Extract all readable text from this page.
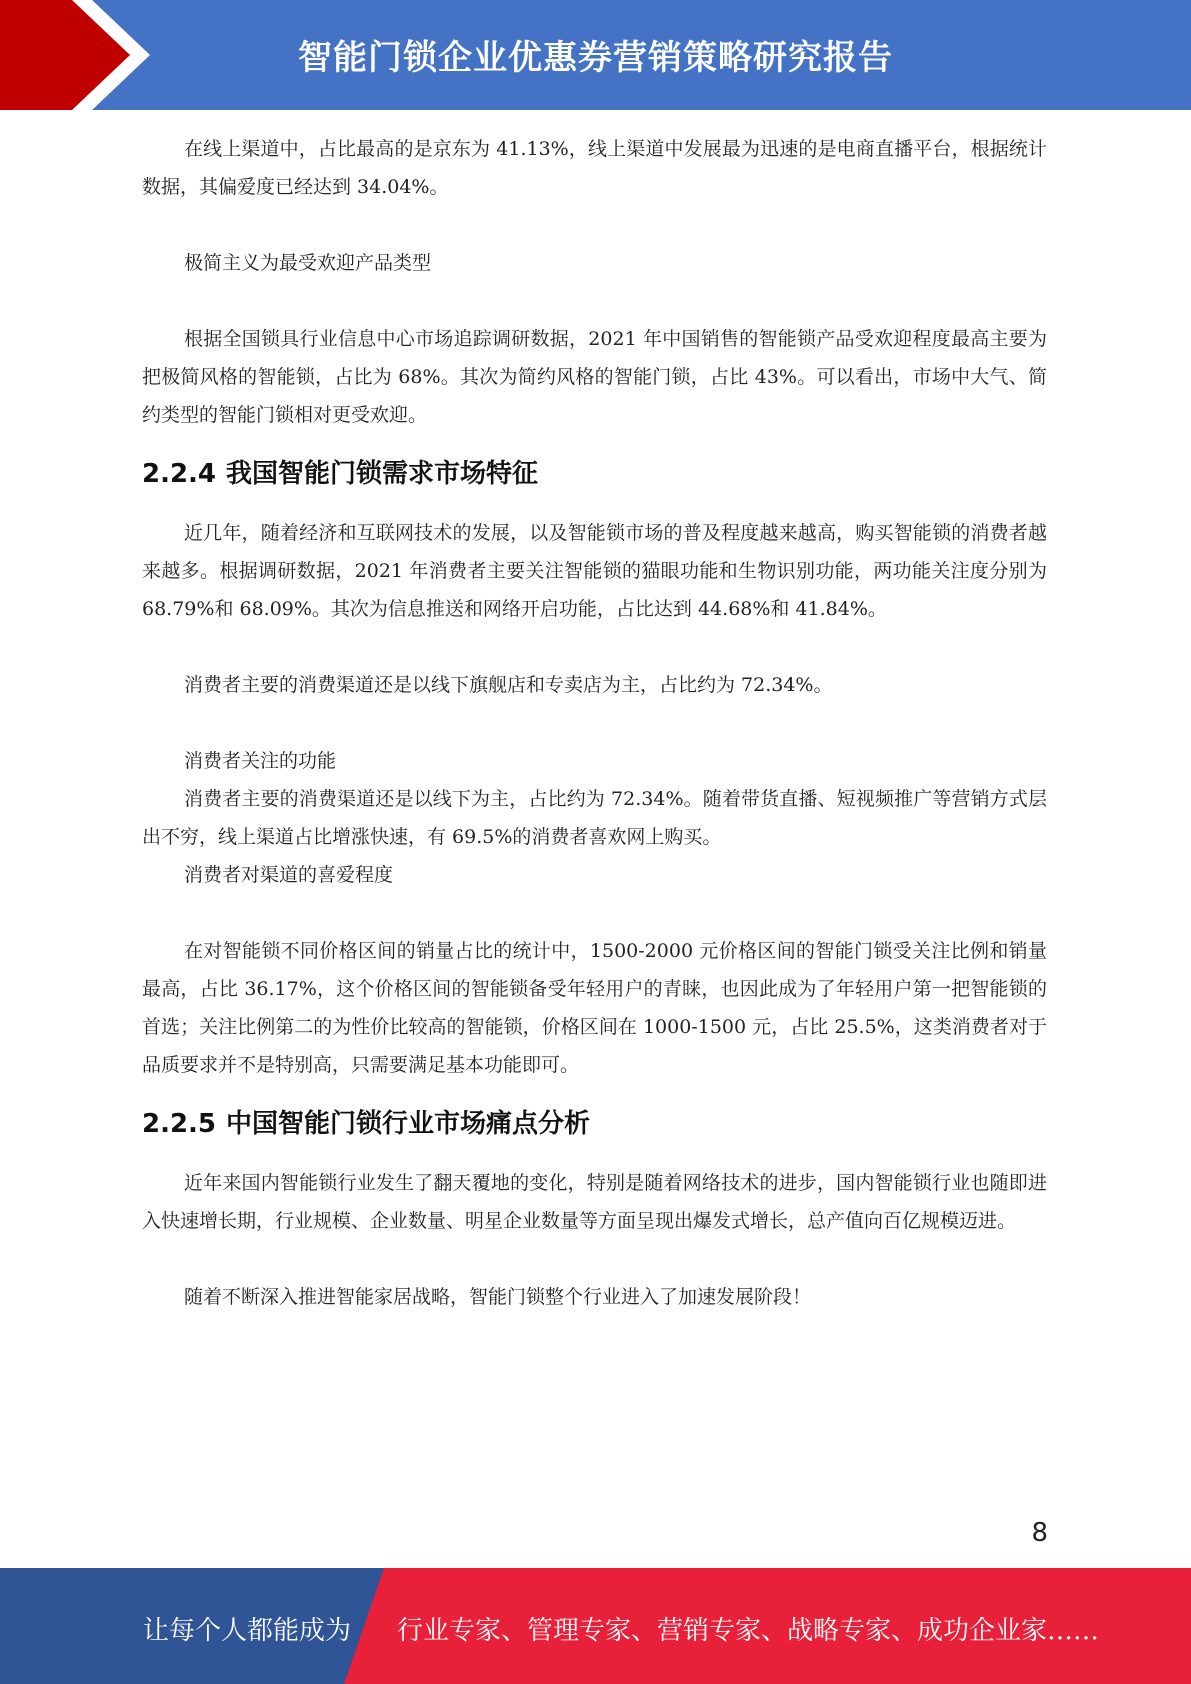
智能门锁企业优惠券营销策略研究报告

在线上渠道中，占比最高的是京东为 41.13%，线上渠道中发展最为迅速的是电商直播平台，根据统计数据，其偏爱度已经达到 34.04%。

极简主义为最受欢迎产品类型

根据全国锁具行业信息中心市场追踪调研数据，2021 年中国销售的智能锁产品受欢迎程度最高主要为把极简风格的智能锁，占比为 68%。其次为简约风格的智能门锁，占比 43%。可以看出，市场中大气、简约类型的智能门锁相对更受欢迎。

2.2.4 我国智能门锁需求市场特征

近几年，随着经济和互联网技术的发展，以及智能锁市场的普及程度越来越高，购买智能锁的消费者越来越多。根据调研数据，2021 年消费者主要关注智能锁的猫眼功能和生物识别功能，两功能关注度分别为 68.79%和 68.09%。其次为信息推送和网络开启功能，占比达到 44.68%和 41.84%。

消费者主要的消费渠道还是以线下旗舰店和专卖店为主，占比约为 72.34%。

消费者关注的功能

消费者主要的消费渠道还是以线下为主，占比约为 72.34%。随着带货直播、短视频推广等营销方式层出不穷，线上渠道占比增涨快速，有 69.5%的消费者喜欢网上购买。

消费者对渠道的喜爱程度

在对智能锁不同价格区间的销量占比的统计中，1500-2000 元价格区间的智能门锁受关注比例和销量最高，占比 36.17%，这个价格区间的智能锁备受年轻用户的青睐，也因此成为了年轻用户第一把智能锁的首选；关注比例第二的为性价比较高的智能锁，价格区间在 1000-1500 元，占比 25.5%，这类消费者对于品质要求并不是特别高，只需要满足基本功能即可。

2.2.5 中国智能门锁行业市场痛点分析

近年来国内智能锁行业发生了翻天覆地的变化，特别是随着网络技术的进步，国内智能锁行业也随即进入快速增长期，行业规模、企业数量、明星企业数量等方面呈现出爆发式增长，总产值向百亿规模迈进。

随着不断深入推进智能家居战略，智能门锁整个行业进入了加速发展阶段！

8
让每个人都能成为 行业专家、管理专家、营销专家、战略专家、成功企业家……
